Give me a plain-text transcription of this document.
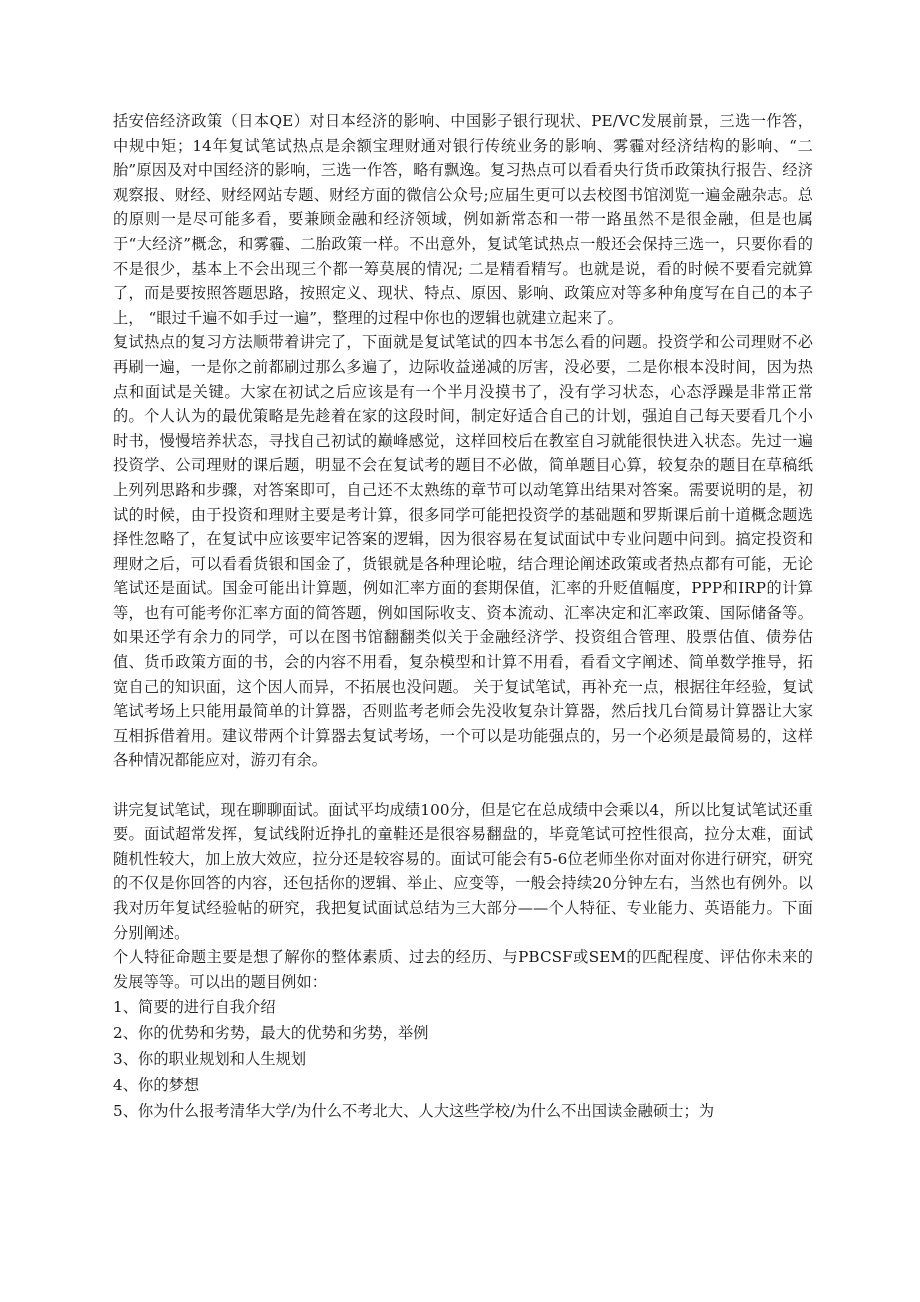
括安倍经济政策（日本QE）对日本经济的影响、中国影子银行现状、PE/VC发展前景，三选一作答，中规中矩；14年复试笔试热点是余额宝理财通对银行传统业务的影响、雾霾对经济结构的影响、“二胎”原因及对中国经济的影响，三选一作答，略有飘逸。复习热点可以看看央行货币政策执行报告、经济观察报、财经、财经网站专题、财经方面的微信公众号;应届生更可以去校图书馆浏览一遍金融杂志。总的原则一是尽可能多看，要兼顾金融和经济领域，例如新常态和一带一路虽然不是很金融，但是也属于“大经济”概念，和雾霾、二胎政策一样。不出意外，复试笔试热点一般还会保持三选一，只要你看的不是很少，基本上不会出现三个都一筹莫展的情况; 二是精看精写。也就是说，看的时候不要看完就算了，而是要按照答题思路，按照定义、现状、特点、原因、影响、政策应对等多种角度写在自己的本子上， “眼过千遍不如手过一遍”，整理的过程中你也的逻辑也就建立起来了。

复试热点的复习方法顺带着讲完了，下面就是复试笔试的四本书怎么看的问题。投资学和公司理财不必再刷一遍，一是你之前都刷过那么多遍了，边际收益递减的厉害，没必要，二是你根本没时间，因为热点和面试是关键。大家在初试之后应该是有一个半月没摸书了，没有学习状态，心态浮躁是非常正常的。个人认为的最优策略是先趁着在家的这段时间，制定好适合自己的计划，强迫自己每天要看几个小时书，慢慢培养状态，寻找自己初试的巅峰感觉，这样回校后在教室自习就能很快进入状态。先过一遍投资学、公司理财的课后题，明显不会在复试考的题目不必做，简单题目心算，较复杂的题目在草稿纸上列列思路和步骤，对答案即可，自己还不太熟练的章节可以动笔算出结果对答案。需要说明的是，初试的时候，由于投资和理财主要是考计算，很多同学可能把投资学的基础题和罗斯课后前十道概念题选择性忽略了，在复试中应该要牢记答案的逻辑，因为很容易在复试面试中专业问题中问到。搞定投资和理财之后，可以看看货银和国金了，货银就是各种理论啦，结合理论阐述政策或者热点都有可能，无论笔试还是面试。国金可能出计算题，例如汇率方面的套期保值，汇率的升贬值幅度，PPP和IRP的计算等，也有可能考你汇率方面的简答题，例如国际收支、资本流动、汇率决定和汇率政策、国际储备等。如果还学有余力的同学，可以在图书馆翻翻类似关于金融经济学、投资组合管理、股票估值、债券估值、货币政策方面的书，会的内容不用看，复杂模型和计算不用看，看看文字阐述、简单数学推导，拓宽自己的知识面，这个因人而异，不拓展也没问题。 关于复试笔试，再补充一点，根据往年经验，复试笔试考场上只能用最简单的计算器，否则监考老师会先没收复杂计算器，然后找几台简易计算器让大家互相拆借着用。建议带两个计算器去复试考场，一个可以是功能强点的，另一个必须是最简易的，这样各种情况都能应对，游刃有余。

讲完复试笔试，现在聊聊面试。面试平均成绩100分，但是它在总成绩中会乘以4，所以比复试笔试还重要。面试超常发挥，复试线附近挣扎的童鞋还是很容易翻盘的，毕竟笔试可控性很高，拉分太难，面试随机性较大，加上放大效应，拉分还是较容易的。面试可能会有5-6位老师坐你对面对你进行研究，研究的不仅是你回答的内容，还包括你的逻辑、举止、应变等，一般会持续20分钟左右，当然也有例外。以我对历年复试经验帖的研究，我把复试面试总结为三大部分——个人特征、专业能力、英语能力。下面分别阐述。

个人特征命题主要是想了解你的整体素质、过去的经历、与PBCSF或SEM的匹配程度、评估你未来的发展等等。可以出的题目例如：

1、简要的进行自我介绍

2、你的优势和劣势，最大的优势和劣势，举例

3、你的职业规划和人生规划

4、你的梦想

5、你为什么报考清华大学/为什么不考北大、人大这些学校/为什么不出国读金融硕士；为
